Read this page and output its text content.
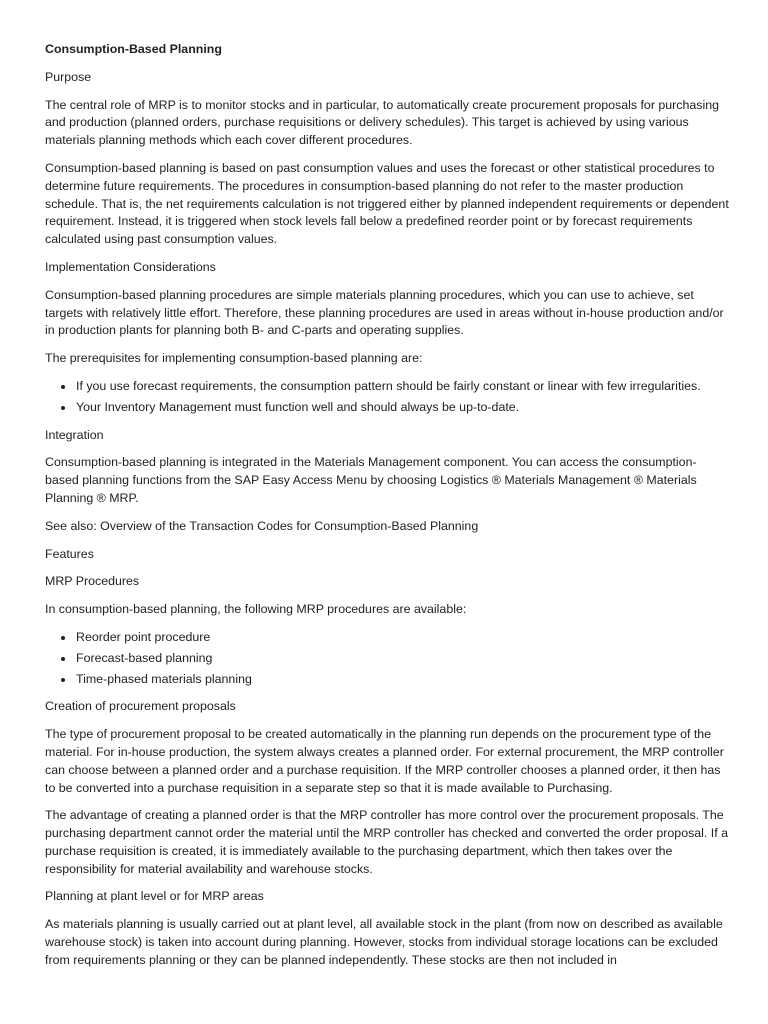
Consumption-Based Planning
Purpose
The central role of MRP is to monitor stocks and in particular, to automatically create procurement proposals for purchasing and production (planned orders, purchase requisitions or delivery schedules). This target is achieved by using various materials planning methods which each cover different procedures.
Consumption-based planning is based on past consumption values and uses the forecast or other statistical procedures to determine future requirements. The procedures in consumption-based planning do not refer to the master production schedule. That is, the net requirements calculation is not triggered either by planned independent requirements or dependent requirement. Instead, it is triggered when stock levels fall below a predefined reorder point or by forecast requirements calculated using past consumption values.
Implementation Considerations
Consumption-based planning procedures are simple materials planning procedures, which you can use to achieve, set targets with relatively little effort. Therefore, these planning procedures are used in areas without in-house production and/or in production plants for planning both B- and C-parts and operating supplies.
The prerequisites for implementing consumption-based planning are:
If you use forecast requirements, the consumption pattern should be fairly constant or linear with few irregularities.
Your Inventory Management must function well and should always be up-to-date.
Integration
Consumption-based planning is integrated in the Materials Management component. You can access the consumption-based planning functions from the SAP Easy Access Menu by choosing Logistics ® Materials Management ® Materials Planning ® MRP.
See also: Overview of the Transaction Codes for Consumption-Based Planning
Features
MRP Procedures
In consumption-based planning, the following MRP procedures are available:
Reorder point procedure
Forecast-based planning
Time-phased materials planning
Creation of procurement proposals
The type of procurement proposal to be created automatically in the planning run depends on the procurement type of the material. For in-house production, the system always creates a planned order. For external procurement, the MRP controller can choose between a planned order and a purchase requisition. If the MRP controller chooses a planned order, it then has to be converted into a purchase requisition in a separate step so that it is made available to Purchasing.
The advantage of creating a planned order is that the MRP controller has more control over the procurement proposals. The purchasing department cannot order the material until the MRP controller has checked and converted the order proposal. If a purchase requisition is created, it is immediately available to the purchasing department, which then takes over the responsibility for material availability and warehouse stocks.
Planning at plant level or for MRP areas
As materials planning is usually carried out at plant level, all available stock in the plant (from now on described as available warehouse stock) is taken into account during planning. However, stocks from individual storage locations can be excluded from requirements planning or they can be planned independently. These stocks are then not included in
